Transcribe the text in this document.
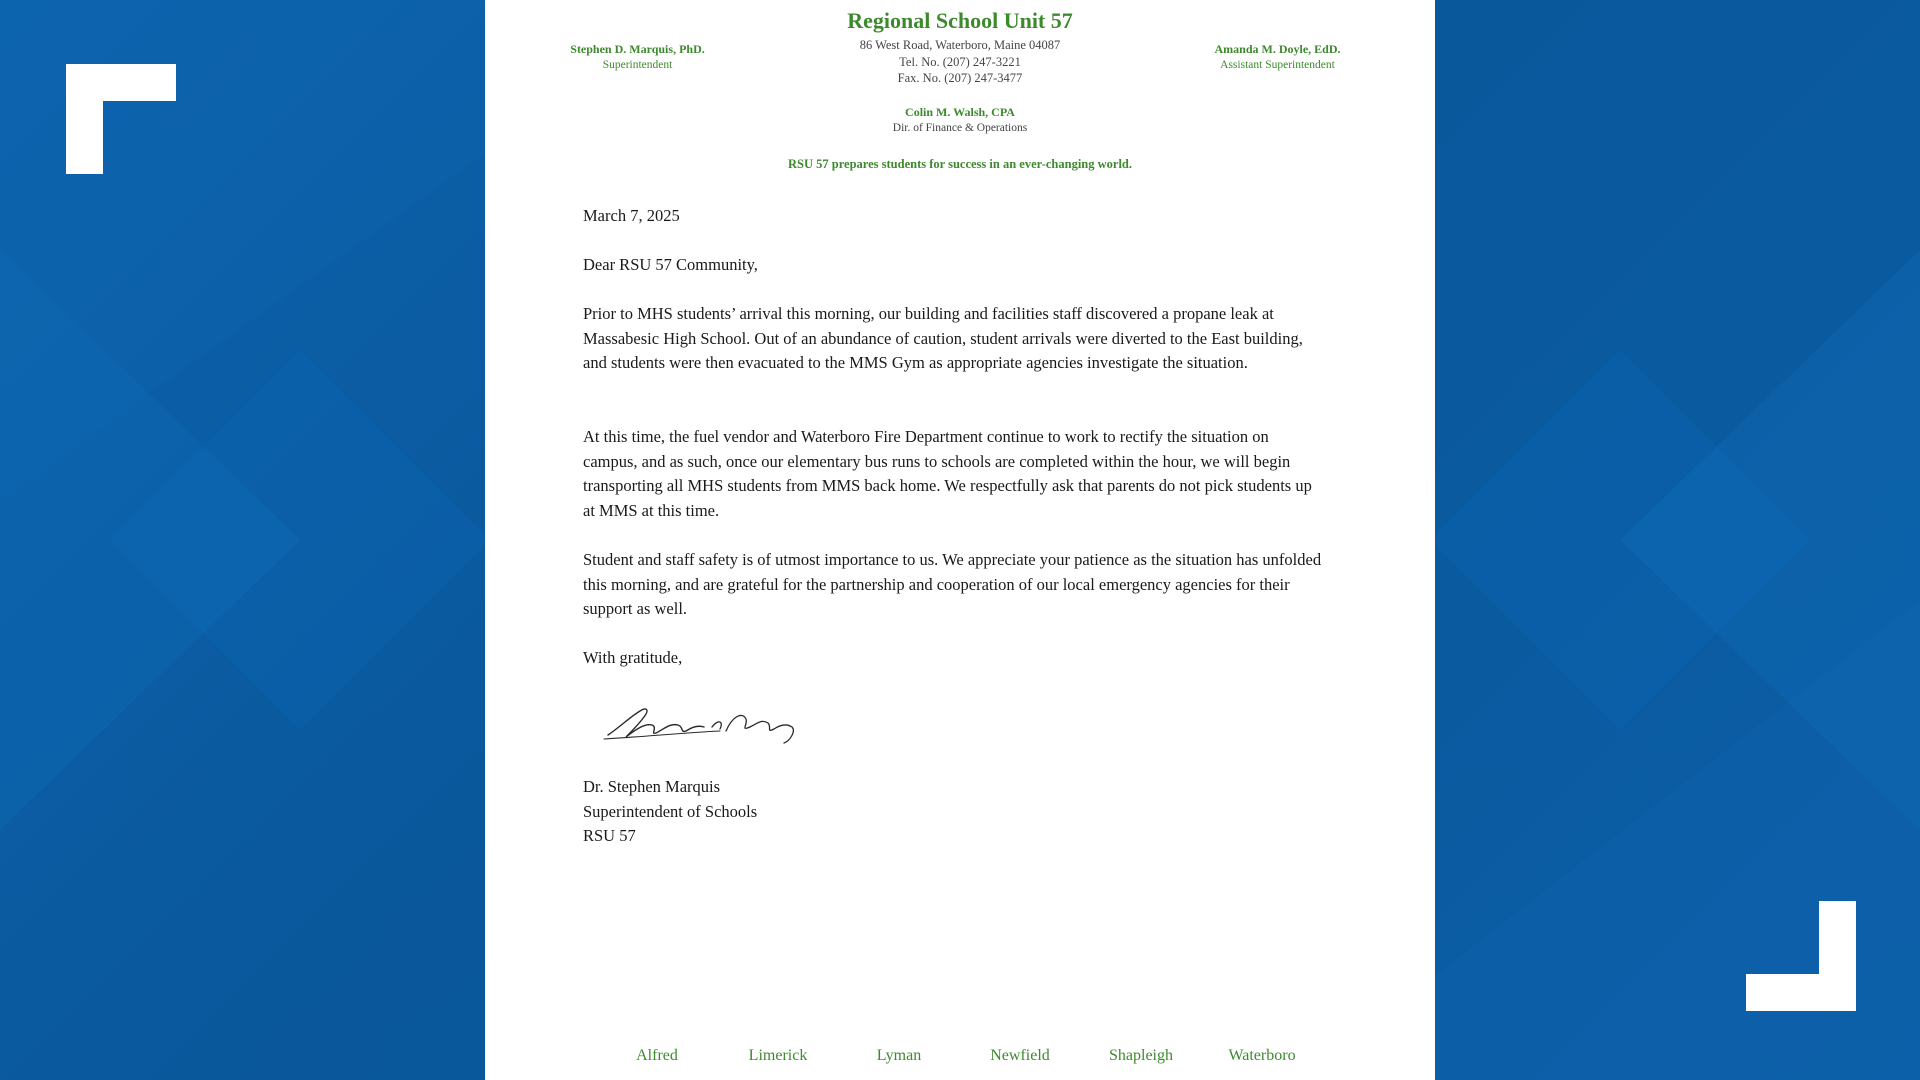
Regional School Unit 57
86 West Road, Waterboro, Maine 04087
Tel. No. (207) 247-3221
Fax. No. (207) 247-3477
Stephen D. Marquis, PhD.
Superintendent
Amanda M. Doyle, EdD.
Assistant Superintendent
Colin M. Walsh, CPA
Dir. of Finance & Operations
RSU 57 prepares students for success in an ever-changing world.
March 7, 2025
Dear RSU 57 Community,

Prior to MHS students’ arrival this morning, our building and facilities staff discovered a propane leak at Massabesic High School. Out of an abundance of caution, student arrivals were diverted to the East building, and students were then evacuated to the MMS Gym as appropriate agencies investigate the situation.

At this time, the fuel vendor and Waterboro Fire Department continue to work to rectify the situation on campus, and as such, once our elementary bus runs to schools are completed within the hour, we will begin transporting all MHS students from MMS back home. We respectfully ask that parents do not pick students up at MMS at this time.

Student and staff safety is of utmost importance to us. We appreciate your patience as the situation has unfolded this morning, and are grateful for the partnership and cooperation of our local emergency agencies for their support as well.

With gratitude,

Dr. Stephen Marquis

Superintendent of Schools

RSU 57

Alfred	Limerick	Lyman	Newfield	Shapleigh	Waterboro
